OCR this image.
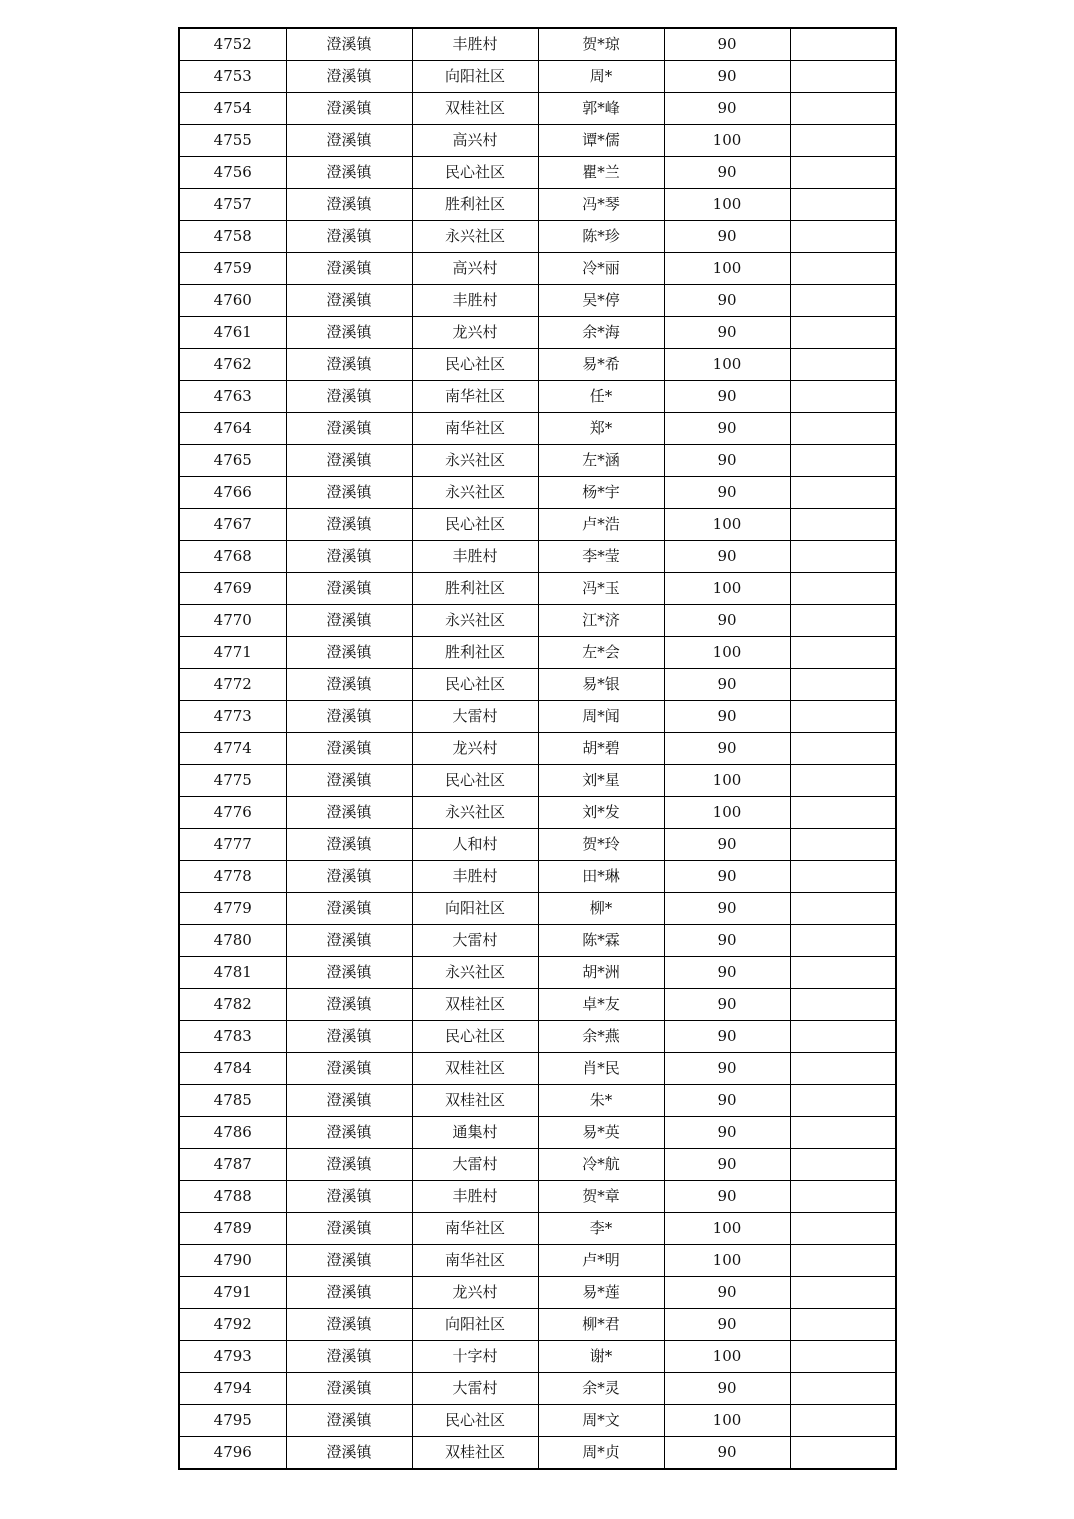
4752	澄溪镇	丰胜村	贺*琼	90	
4753	澄溪镇	向阳社区	周*	90	
4754	澄溪镇	双桂社区	郭*峰	90	
4755	澄溪镇	高兴村	谭*儒	100	
4756	澄溪镇	民心社区	瞿*兰	90	
4757	澄溪镇	胜利社区	冯*琴	100	
4758	澄溪镇	永兴社区	陈*珍	90	
4759	澄溪镇	高兴村	冷*丽	100	
4760	澄溪镇	丰胜村	吴*停	90	
4761	澄溪镇	龙兴村	余*海	90	
4762	澄溪镇	民心社区	易*希	100	
4763	澄溪镇	南华社区	任*	90	
4764	澄溪镇	南华社区	郑*	90	
4765	澄溪镇	永兴社区	左*涵	90	
4766	澄溪镇	永兴社区	杨*宇	90	
4767	澄溪镇	民心社区	卢*浩	100	
4768	澄溪镇	丰胜村	李*莹	90	
4769	澄溪镇	胜利社区	冯*玉	100	
4770	澄溪镇	永兴社区	江*济	90	
4771	澄溪镇	胜利社区	左*会	100	
4772	澄溪镇	民心社区	易*银	90	
4773	澄溪镇	大雷村	周*闻	90	
4774	澄溪镇	龙兴村	胡*碧	90	
4775	澄溪镇	民心社区	刘*星	100	
4776	澄溪镇	永兴社区	刘*发	100	
4777	澄溪镇	人和村	贺*玲	90	
4778	澄溪镇	丰胜村	田*琳	90	
4779	澄溪镇	向阳社区	柳*	90	
4780	澄溪镇	大雷村	陈*霖	90	
4781	澄溪镇	永兴社区	胡*洲	90	
4782	澄溪镇	双桂社区	卓*友	90	
4783	澄溪镇	民心社区	余*燕	90	
4784	澄溪镇	双桂社区	肖*民	90	
4785	澄溪镇	双桂社区	朱*	90	
4786	澄溪镇	通集村	易*英	90	
4787	澄溪镇	大雷村	冷*航	90	
4788	澄溪镇	丰胜村	贺*章	90	
4789	澄溪镇	南华社区	李*	100	
4790	澄溪镇	南华社区	卢*明	100	
4791	澄溪镇	龙兴村	易*莲	90	
4792	澄溪镇	向阳社区	柳*君	90	
4793	澄溪镇	十字村	谢*	100	
4794	澄溪镇	大雷村	余*灵	90	
4795	澄溪镇	民心社区	周*文	100	
4796	澄溪镇	双桂社区	周*贞	90	
